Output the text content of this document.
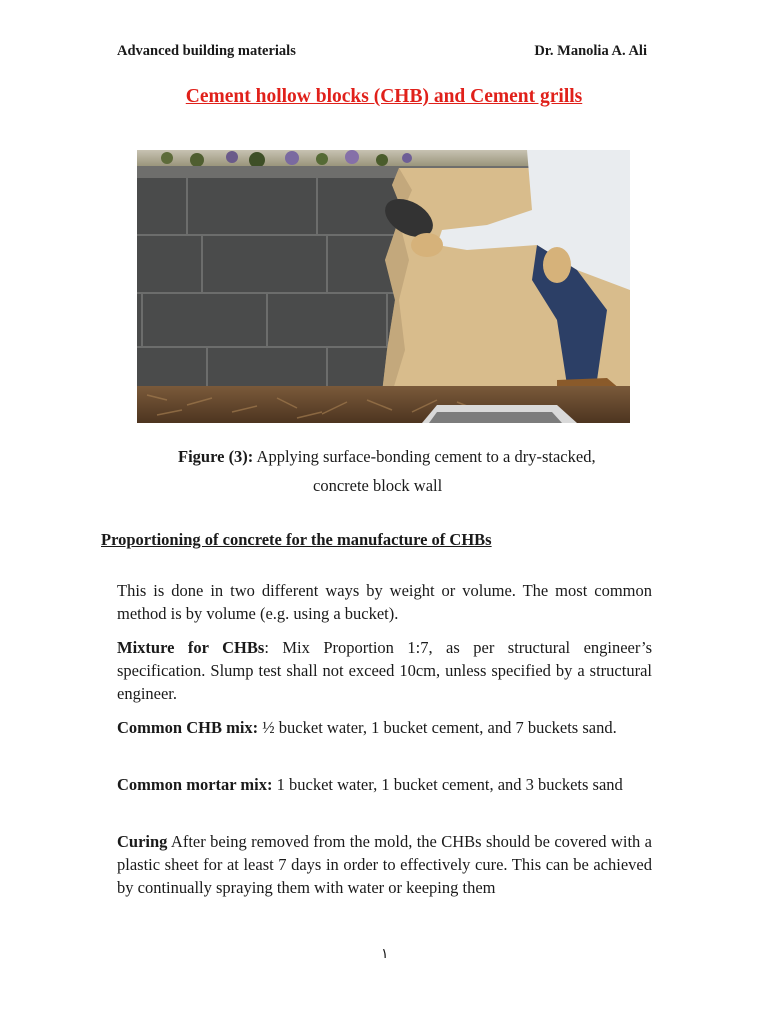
Advanced building materials	Dr. Manolia A. Ali
Cement hollow blocks (CHB) and Cement grills
Figure (3): Applying surface-bonding cement to a dry-stacked,
concrete block wall
Proportioning of concrete for the manufacture of CHBs
This is done in two different ways by weight or volume. The most common method is by volume (e.g. using a bucket).
Mixture for CHBs: Mix Proportion 1:7, as per structural engineer’s specification. Slump test shall not exceed 10cm, unless specified by a structural engineer.
Common CHB mix: ½ bucket water, 1 bucket cement, and 7 buckets sand.
Common mortar mix: 1 bucket water, 1 bucket cement, and 3 buckets sand
Curing After being removed from the mold, the CHBs should be covered with a plastic sheet for at least 7 days in order to effectively cure. This can be achieved by continually spraying them with water or keeping them
١
